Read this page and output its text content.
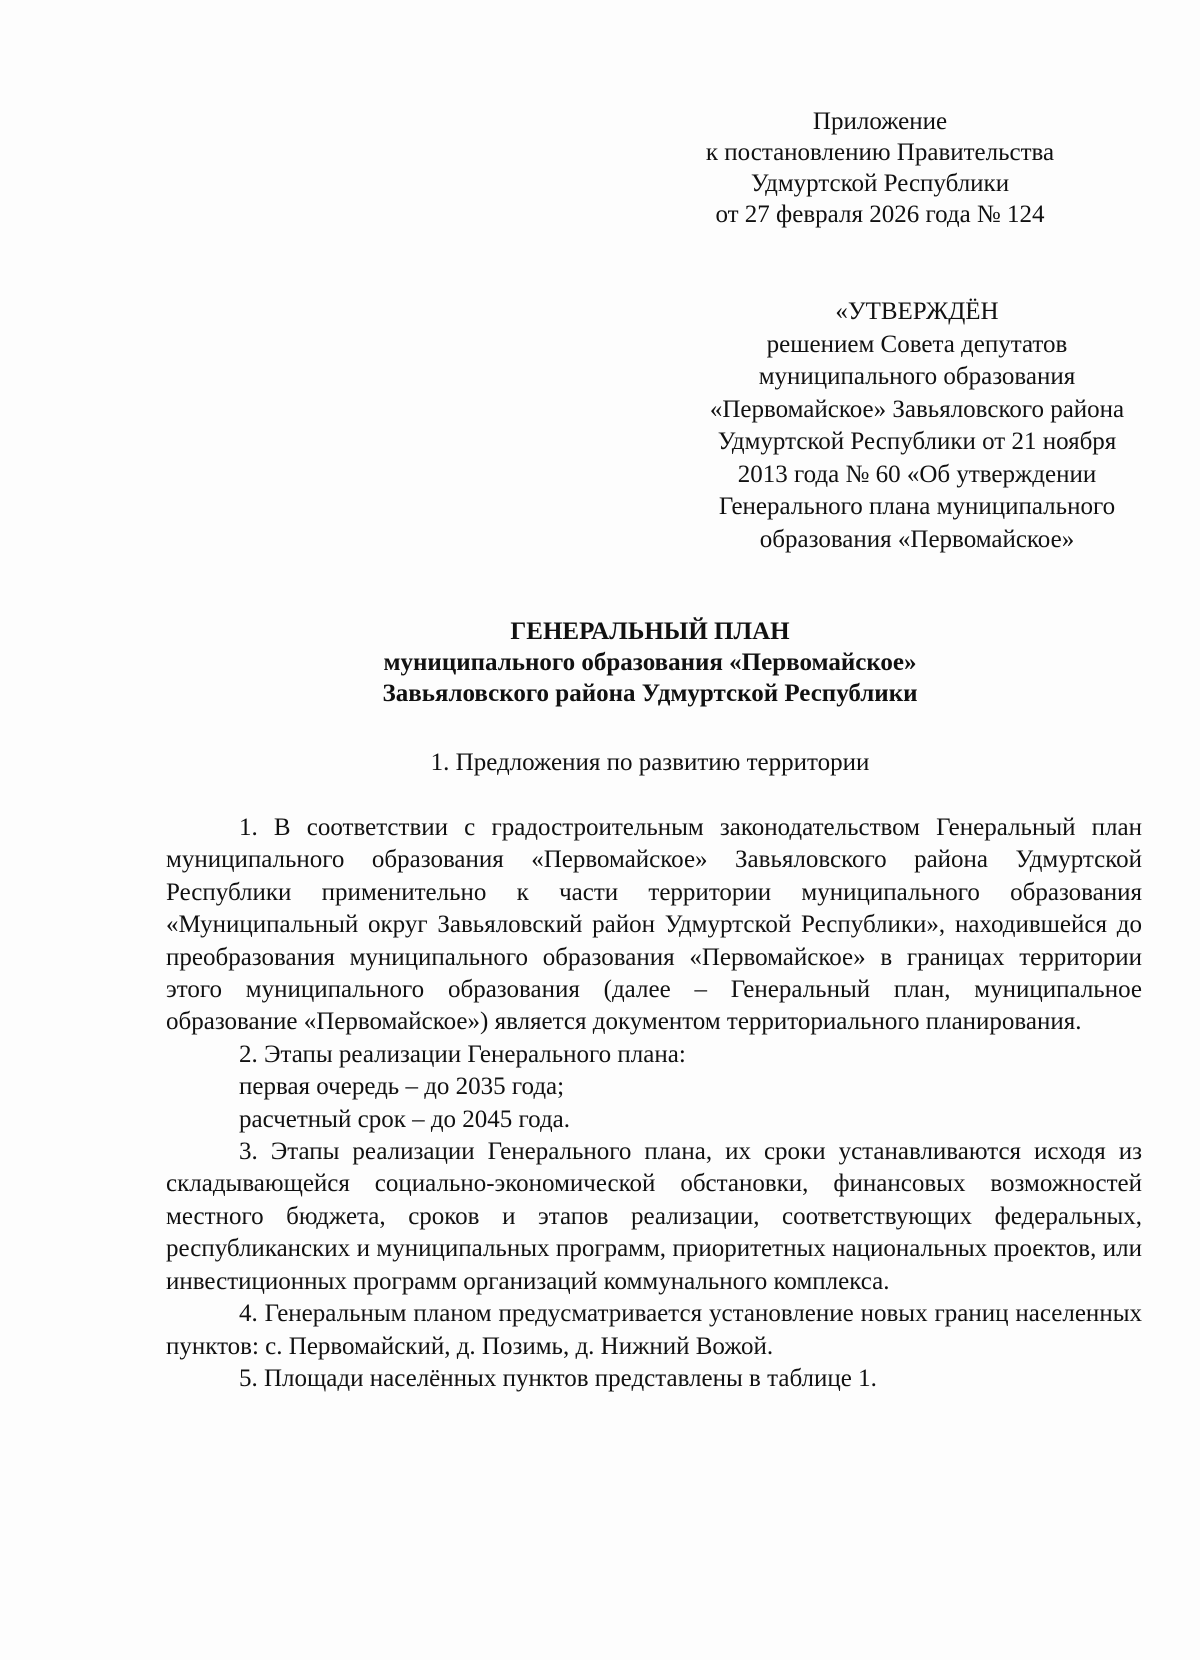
Приложение
к постановлению Правительства
Удмуртской Республики
от 27 февраля 2026 года № 124
«УТВЕРЖДЁН
решением Совета депутатов
муниципального образования
«Первомайское» Завьяловского района
Удмуртской Республики от 21 ноября
2013 года № 60 «Об утверждении
Генерального плана муниципального
образования «Первомайское»
ГЕНЕРАЛЬНЫЙ ПЛАН
муниципального образования «Первомайское»
Завьяловского района Удмуртской Республики
1. Предложения по развитию территории

1. В соответствии с градостроительным законодательством Генеральный план муниципального образования «Первомайское» Завьяловского района Удмуртской Республики применительно к части территории муниципального образования «Муниципальный округ Завьяловский район Удмуртской Республики», находившейся до преобразования муниципального образования «Первомайское» в границах территории этого муниципального образования (далее – Генеральный план, муниципальное образование «Первомайское») является документом территориального планирования.

2. Этапы реализации Генерального плана:

первая очередь – до 2035 года;

расчетный срок – до 2045 года.

3. Этапы реализации Генерального плана, их сроки устанавливаются исходя из складывающейся социально-экономической обстановки, финансовых возможностей местного бюджета, сроков и этапов реализации, соответствующих федеральных, республиканских и муниципальных программ, приоритетных национальных проектов, или инвестиционных программ организаций коммунального комплекса.

4. Генеральным планом предусматривается установление новых границ населенных пунктов: с. Первомайский, д. Позимь, д. Нижний Вожой.

5. Площади населённых пунктов представлены в таблице 1.
